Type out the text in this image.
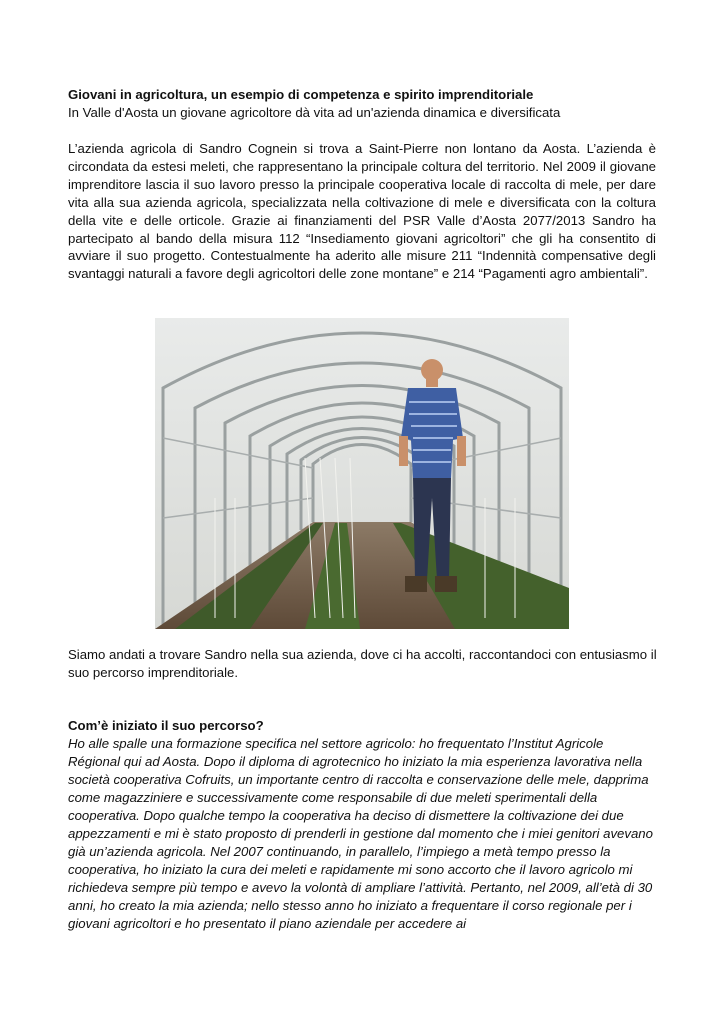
Giovani in agricoltura, un esempio di competenza e spirito imprenditoriale

In Valle d'Aosta un giovane agricoltore dà vita ad un'azienda dinamica e diversificata

L’azienda agricola di Sandro Cognein si trova a Saint-Pierre non lontano da Aosta. L’azienda è circondata da estesi meleti, che rappresentano la principale coltura del territorio. Nel 2009 il giovane imprenditore lascia il suo lavoro presso la principale cooperativa locale di raccolta di mele, per dare vita alla sua azienda agricola, specializzata nella coltivazione di mele e diversificata con la coltura della vite e delle orticole. Grazie ai finanziamenti del PSR Valle d’Aosta 2077/2013 Sandro ha partecipato al bando della misura 112 “Insediamento giovani agricoltori” che gli ha consentito di avviare il suo progetto. Contestualmente ha aderito alle misure 211 “Indennità compensative degli svantaggi naturali a favore degli agricoltori delle zone montane” e 214 “Pagamenti agro ambientali”.

Siamo andati a trovare Sandro nella sua azienda, dove ci ha accolti, raccontandoci con entusiasmo il suo percorso imprenditoriale.

Com’è iniziato il suo percorso?

Ho alle spalle una formazione specifica nel settore agricolo: ho frequentato l’Institut Agricole Régional qui ad Aosta. Dopo il diploma di agrotecnico ho iniziato la mia esperienza lavorativa nella società cooperativa Cofruits, un importante centro di raccolta e conservazione delle mele, dapprima come magazziniere e successivamente come responsabile di due meleti sperimentali della cooperativa. Dopo qualche tempo la cooperativa ha deciso di dismettere la coltivazione dei due appezzamenti e mi è stato proposto di prenderli in gestione dal momento che i miei genitori avevano già un’azienda agricola. Nel 2007 continuando, in parallelo, l’impiego a metà tempo presso la cooperativa, ho iniziato la cura dei meleti e rapidamente mi sono accorto che il lavoro agricolo mi richiedeva sempre più tempo e avevo la volontà di ampliare l’attività. Pertanto, nel 2009, all’età di 30 anni, ho creato la mia azienda; nello stesso anno ho iniziato a frequentare il corso regionale per i giovani agricoltori e ho presentato il piano aziendale per accedere ai
